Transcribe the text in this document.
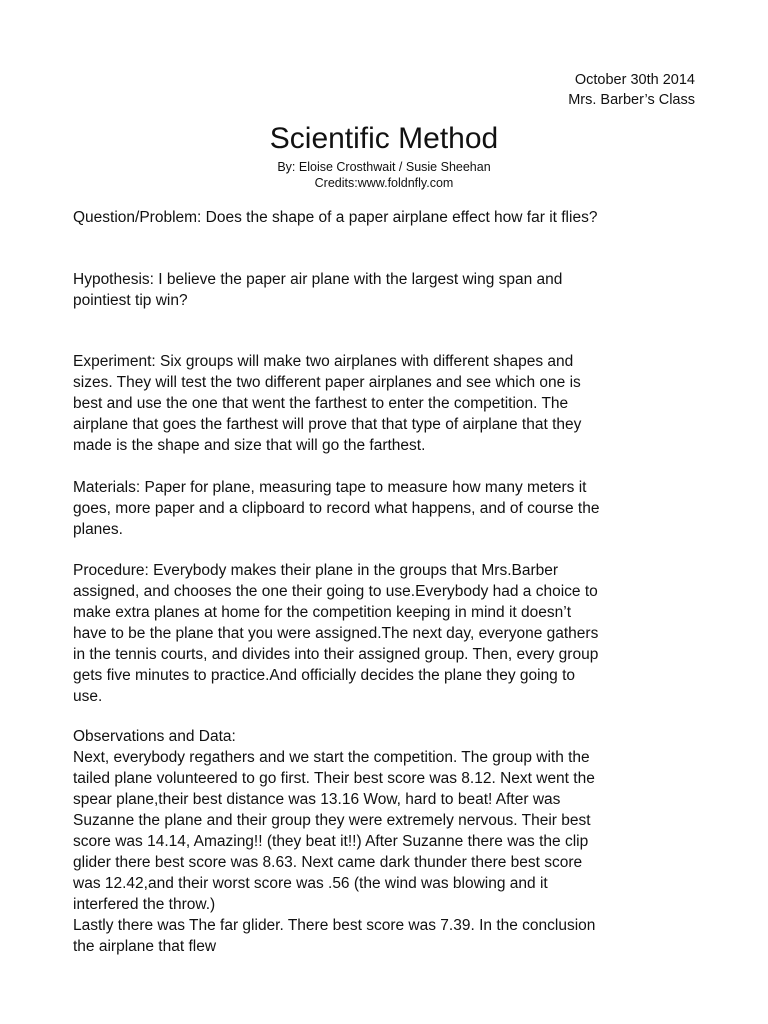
October 30th 2014
Mrs. Barber’s Class
Scientific Method
By: Eloise Crosthwait / Susie Sheehan
Credits:www.foldnfly.com

Question/Problem: Does the shape of a paper airplane effect how far it flies?

Hypothesis: I believe the paper air plane with the largest wing span and
pointiest tip win?

Experiment: Six groups will make two airplanes with different shapes and
sizes. They will test the two different paper airplanes and see which one is
best and use the one that went the farthest to enter the competition. The
airplane that goes the farthest will prove that that type of airplane that they
made is the shape and size that will go the farthest.

Materials: Paper for plane, measuring tape to measure how many meters it
goes, more paper and a clipboard to record what happens, and of course the
planes.

Procedure: Everybody makes their plane in the groups that Mrs.Barber
assigned, and chooses the one their going to use.Everybody had a choice to
make extra planes at home for the competition keeping in mind it doesn’t
have to be the plane that you were assigned.The next day, everyone gathers
in the tennis courts, and divides into their assigned group. Then, every group
gets five minutes to practice.And officially decides the plane they going to
use.

Observations and Data:
Next, everybody regathers and we start the competition. The group with the
tailed plane volunteered to go first. Their best score was 8.12. Next went the
spear plane,their best distance was 13.16 Wow, hard to beat! After was
Suzanne the plane and their group they were extremely nervous. Their best
score was 14.14, Amazing!! (they beat it!!) After Suzanne there was the clip
glider there best score was 8.63. Next came dark thunder there best score
was 12.42,and their worst score was .56 (the wind was blowing and it
interfered the throw.)
Lastly there was The far glider. There best score was 7.39. In the conclusion
the airplane that flew
